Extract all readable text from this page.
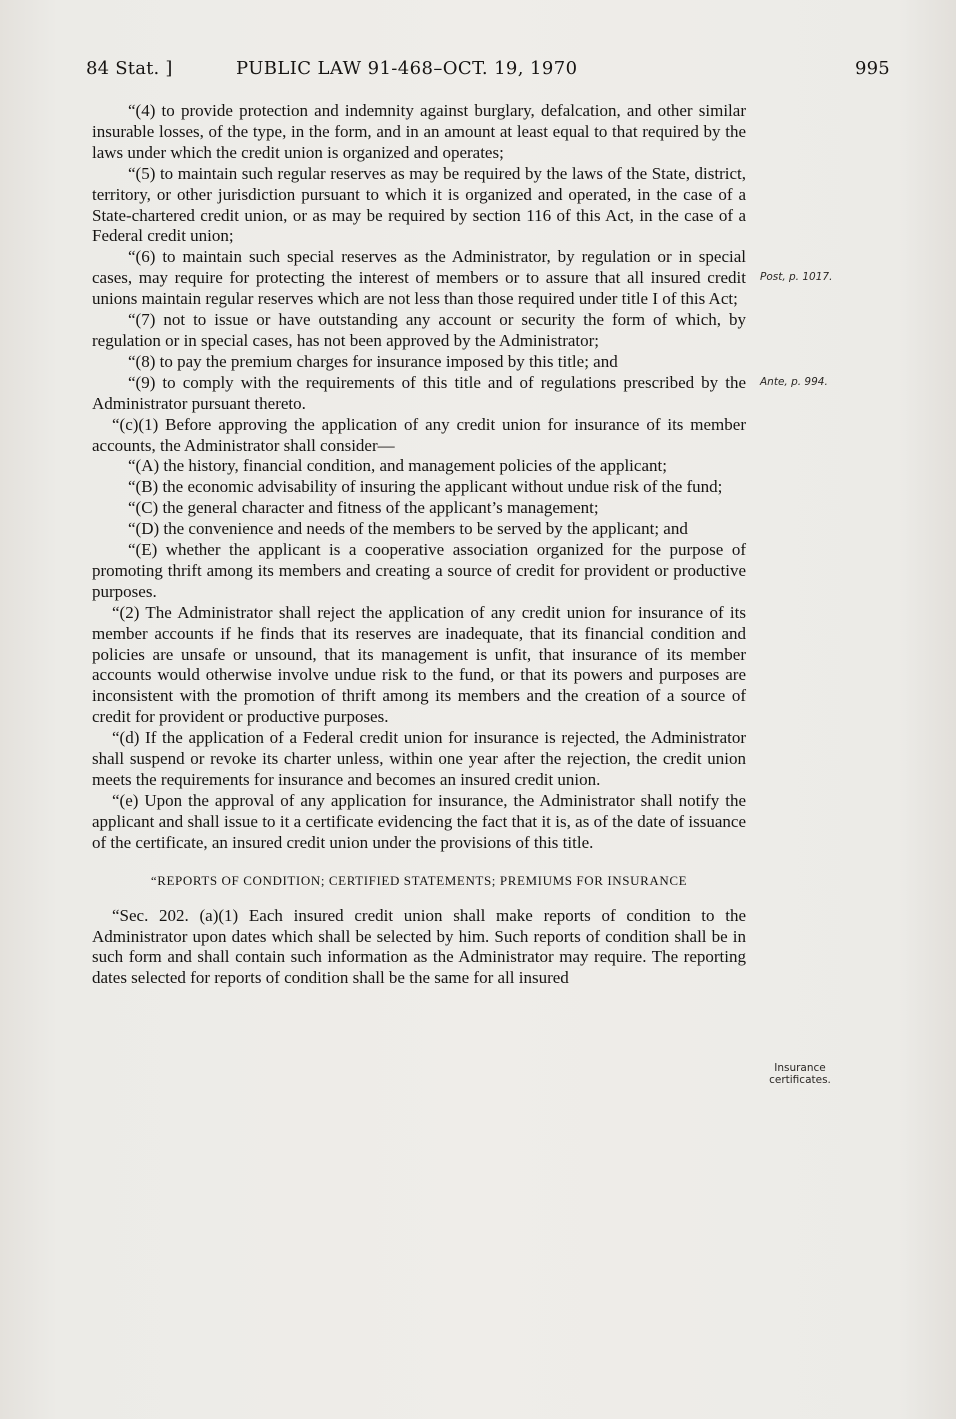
84 Stat. ]	PUBLIC LAW 91-468–OCT. 19, 1970	995

“(4) to provide protection and indemnity against burglary, defalcation, and other similar insurable losses, of the type, in the form, and in an amount at least equal to that required by the laws under which the credit union is organized and operates;

“(5) to maintain such regular reserves as may be required by the laws of the State, district, territory, or other jurisdiction pursuant to which it is organized and operated, in the case of a State-chartered credit union, or as may be required by section 116 of this Act, in the case of a Federal credit union;

“(6) to maintain such special reserves as the Administrator, by regulation or in special cases, may require for protecting the interest of members or to assure that all insured credit unions maintain regular reserves which are not less than those required under title I of this Act;

“(7) not to issue or have outstanding any account or security the form of which, by regulation or in special cases, has not been approved by the Administrator;

“(8) to pay the premium charges for insurance imposed by this title; and

“(9) to comply with the requirements of this title and of regulations prescribed by the Administrator pursuant thereto.

“(c)(1) Before approving the application of any credit union for insurance of its member accounts, the Administrator shall consider—

“(A) the history, financial condition, and management policies of the applicant;

“(B) the economic advisability of insuring the applicant without undue risk of the fund;

“(C) the general character and fitness of the applicant’s management;

“(D) the convenience and needs of the members to be served by the applicant; and

“(E) whether the applicant is a cooperative association organized for the purpose of promoting thrift among its members and creating a source of credit for provident or productive purposes.

“(2) The Administrator shall reject the application of any credit union for insurance of its member accounts if he finds that its reserves are inadequate, that its financial condition and policies are unsafe or unsound, that its management is unfit, that insurance of its member accounts would otherwise involve undue risk to the fund, or that its powers and purposes are inconsistent with the promotion of thrift among its members and the creation of a source of credit for provident or productive purposes.

“(d) If the application of a Federal credit union for insurance is rejected, the Administrator shall suspend or revoke its charter unless, within one year after the rejection, the credit union meets the requirements for insurance and becomes an insured credit union.

“(e) Upon the approval of any application for insurance, the Administrator shall notify the applicant and shall issue to it a certificate evidencing the fact that it is, as of the date of issuance of the certificate, an insured credit union under the provisions of this title.

“REPORTS OF CONDITION; CERTIFIED STATEMENTS; PREMIUMS FOR INSURANCE

“Sec. 202. (a)(1) Each insured credit union shall make reports of condition to the Administrator upon dates which shall be selected by him. Such reports of condition shall be in such form and shall contain such information as the Administrator may require. The reporting dates selected for reports of condition shall be the same for all insured

Post, p. 1017.
Ante, p. 994.
Insurance certificates.
